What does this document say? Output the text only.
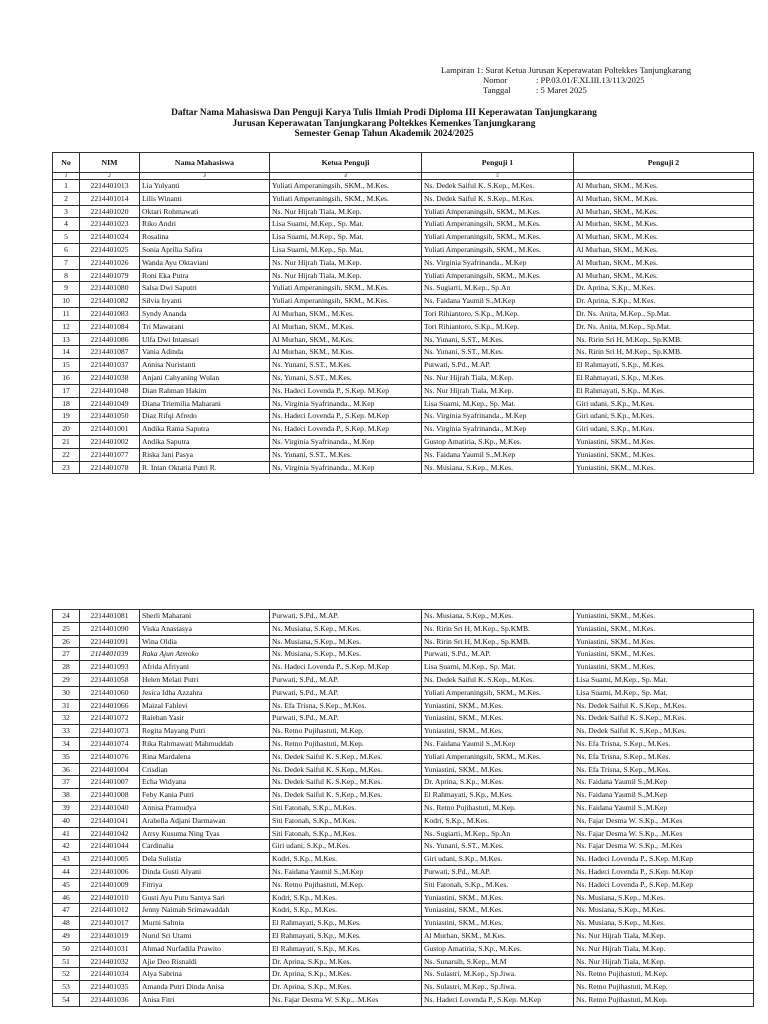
Lampiran 1: Surat Ketua Jurusan Keperawatan Poltekkes Tanjungkarang
Nomor	: PP.03.01/F.XLIII.13/113/2025
Tanggal	: 5 Maret 2025
Daftar Nama Mahasiswa Dan Penguji Karya Tulis Ilmiah Prodi Diploma III Keperawatan Tanjungkarang
Jurusan Keperawatan Tanjungkarang Poltekkes Kemenkes Tanjungkarang
Semester Genap Tahun Akademik 2024/2025
No	NIM	Nama Mahasiswa	Ketua Penguji	Penguji 1	Penguji 2
1	2	3	4	5	
1	2214401013	Lia Yulyanti	Yuliati Amperaningsih, SKM., M.Kes.	Ns. Dedek Saiful K. S.Kep., M.Kes.	Al Murhan, SKM., M.Kes.
2	2214401014	Lilis Winanti	Yuliati Amperaningsih, SKM., M.Kes.	Ns. Dedek Saiful K. S.Kep., M.Kes.	Al Murhan, SKM., M.Kes.
3	2214401020	Oktari Rohmawati	Ns. Nur Hijrah Tiala, M.Kep.	Yuliati Amperaningsih, SKM., M.Kes.	Al Murhan, SKM., M.Kes.
4	2214401023	Riko Andri	Lisa Suarni, M.Kep., Sp. Mat.	Yuliati Amperaningsih, SKM., M.Kes.	Al Murhan, SKM., M.Kes.
5	2214401024	Rosalina	Lisa Suarni, M.Kep., Sp. Mat.	Yuliati Amperaningsih, SKM., M.Kes.	Al Murhan, SKM., M.Kes.
6	2214401025	Sonia Aprilia Safira	Lisa Suarni, M.Kep., Sp. Mat.	Yuliati Amperaningsih, SKM., M.Kes.	Al Murhan, SKM., M.Kes.
7	2214401026	Wanda Ayu Oktaviani	Ns. Nur Hijrah Tiala, M.Kep.	Ns. Virginia Syafrinanda., M.Kep	Al Murhan, SKM., M.Kes.
8	2214401079	Roni Eka Putra	Ns. Nur Hijrah Tiala, M.Kep.	Yuliati Amperaningsih, SKM., M.Kes.	Al Murhan, SKM., M.Kes.
9	2214401080	Salsa Dwi Saputri	Yuliati Amperaningsih, SKM., M.Kes.	Ns. Sugiarti, M.Kep., Sp.An	Dr. Aprina, S.Kp., M.Kes.
10	2214401082	Silvia Iryanti	Yuliati Amperaningsih, SKM., M.Kes.	Ns. Faidana Yaumil S.,M.Kep	Dr. Aprina, S.Kp., M.Kes.
11	2214401083	Syndy Ananda	Al Murhan, SKM., M.Kes.	Tori Rihiantoro, S.Kp., M.Kep.	Dr. Ns. Anita, M.Kep., Sp.Mat.
12	2214401084	Tri Mawarani	Al Murhan, SKM., M.Kes.	Tori Rihiantoro, S.Kp., M.Kep.	Dr. Ns. Anita, M.Kep., Sp.Mat.
13	2214401086	Ulfa Dwi Intansari	Al Murhan, SKM., M.Kes.	Ns. Yunani, S.ST., M.Kes.	Ns. Ririn Sri H, M.Kep., Sp.KMB.
14	2214401087	Vania Adinda	Al Murhan, SKM., M.Kes.	Ns. Yunani, S.ST., M.Kes.	Ns. Ririn Sri H, M.Kep., Sp.KMB.
15	2214401037	Annisa Nuristanti	Ns. Yunani, S.ST., M.Kes.	Purwati, S.Pd., M.AP.	El Rahmayati, S.Kp., M.Kes.
16	2214401038	Anjani Cahyaning Wulan	Ns. Yunani, S.ST., M.Kes.	Ns. Nur Hijrah Tiala, M.Kep.	El Rahmayati, S.Kp., M.Kes.
17	2214401048	Dian Rahman Hakim	Ns. Hadeci Lovenda P., S.Kep. M.Kep	Ns. Nur Hijrah Tiala, M.Kep.	El Rahmayati, S.Kp., M.Kes.
18	2214401049	Diana Triemilia Maharani	Ns. Virginia Syafrinanda., M.Kep	Lisa Suarni, M.Kep., Sp. Mat.	Giri udani, S.Kp., M.Kes.
19	2214401050	Diaz Rifqi Afredo	Ns. Hadeci Lovenda P., S.Kep. M.Kep	Ns. Virginia Syafrinanda., M.Kep	Giri udani, S.Kp., M.Kes.
20	2214401001	Andika Rama Saputra	Ns. Hadeci Lovenda P., S.Kep. M.Kep	Ns. Virginia Syafrinanda., M.Kep	Giri udani, S.Kp., M.Kes.
21	2214401002	Andika Saputra	Ns. Virginia Syafrinanda., M.Kep	Gustop Amatiria, S.Kp., M.Kes.	Yuniastini, SKM., M.Kes.
22	2214401077	Riska Jani Pasya	Ns. Yunani, S.ST., M.Kes.	Ns. Faidana Yaumil S.,M.Kep	Yuniastini, SKM., M.Kes.
23	2214401078	R. Intan Oktaria Putri R.	Ns. Virginia Syafrinanda., M.Kep	Ns. Musiana, S.Kep., M.Kes.	Yuniastini, SKM., M.Kes.
24	2214401081	Sherli Maharani	Purwati, S.Pd., M.AP.	Ns. Musiana, S.Kep., M.Kes.	Yuniastini, SKM., M.Kes.
25	2214401090	Viska Anastasya	Ns. Musiana, S.Kep., M.Kes.	Ns. Ririn Sri H, M.Kep., Sp.KMB.	Yuniastini, SKM., M.Kes.
26	2214401091	Wina Oldia	Ns. Musiana, S.Kep., M.Kes.	Ns. Ririn Sri H, M.Kep., Sp.KMB.	Yuniastini, SKM., M.Kes.
27	2114401039	Raka Ajun Atmoko	Ns. Musiana, S.Kep., M.Kes.	Purwati, S.Pd., M.AP.	Yuniastini, SKM., M.Kes.
28	2214401093	Afrida Afriyani	Ns. Hadeci Lovenda P., S.Kep. M.Kep	Lisa Suarni, M.Kep., Sp. Mat.	Yuniastini, SKM., M.Kes.
29	2214401058	Helen Melati Putri	Purwati, S.Pd., M.AP.	Ns. Dedek Saiful K. S.Kep., M.Kes.	Lisa Suarni, M.Kep., Sp. Mat.
30	2214401060	Jesica Idha Azzahra	Purwati, S.Pd., M.AP.	Yuliati Amperaningsih, SKM., M.Kes.	Lisa Suarni, M.Kep., Sp. Mat.
31	2214401066	Maizal Fahlevi	Ns. Efa Trisna, S.Kep., M.Kes.	Yuniastini, SKM., M.Kes.	Ns. Dedek Saiful K. S.Kep., M.Kes.
32	2214401072	Raiehan Yasir	Purwati, S.Pd., M.AP.	Yuniastini, SKM., M.Kes.	Ns. Dedek Saiful K. S.Kep., M.Kes.
33	2214401073	Regita Mayang Putri	Ns. Retno Pujihastuti, M.Kep.	Yuniastini, SKM., M.Kes.	Ns. Dedek Saiful K. S.Kep., M.Kes.
34	2214401074	Rika Rahmawati Mahmuddah	Ns. Retno Pujihastuti, M.Kep.	Ns. Faidana Yaumil S.,M.Kep	Ns. Efa Trisna, S.Kep., M.Kes.
35	2214401076	Rina Mardalena	Ns. Dedek Saiful K. S.Kep., M.Kes.	Yuliati Amperaningsih, SKM., M.Kes.	Ns. Efa Trisna, S.Kep., M.Kes.
36	2214401004	Crisdian	Ns. Dedek Saiful K. S.Kep., M.Kes.	Yuniastini, SKM., M.Kes.	Ns. Efa Trisna, S.Kep., M.Kes.
37	2214401007	Echa Widyana	Ns. Dedek Saiful K. S.Kep., M.Kes.	Dr. Aprina, S.Kp., M.Kes.	Ns. Faidana Yaumil S.,M.Kep
38	2214401008	Feby Kania Putri	Ns. Dedek Saiful K. S.Kep., M.Kes.	El Rahmayati, S.Kp., M.Kes.	Ns. Faidana Yaumil S.,M.Kep
39	2214401040	Annisa Pramudya	Siti Fatonah, S.Kp., M.Kes.	Ns. Retno Pujihastuti, M.Kep.	Ns. Faidana Yaumil S.,M.Kep
40	2214401041	Arabella Adjani Darmawan	Siti Fatonah, S.Kp., M.Kes.	Kodri, S.Kp., M.Kes.	Ns. Fajar Desma W. S.Kp., .M.Kes
41	2214401042	Arrsy Kusuma Ning Tyas	Siti Fatonah, S.Kp., M.Kes.	Ns. Sugiarti, M.Kep., Sp.An	Ns. Fajar Desma W. S.Kp., .M.Kes
42	2214401044	Cardinalia	Giri udani, S.Kp., M.Kes.	Ns. Yunani, S.ST., M.Kes.	Ns. Fajar Desma W. S.Kp., .M.Kes
43	2214401005	Dela Sulistia	Kodri, S.Kp., M.Kes.	Giri udani, S.Kp., M.Kes.	Ns. Hadeci Lovenda P., S.Kep. M.Kep
44	2214401006	Dinda Gusti Alyani	Ns. Faidana Yaumil S.,M.Kep	Purwati, S.Pd., M.AP.	Ns. Hadeci Lovenda P., S.Kep. M.Kep
45	2214401009	Fitriya	Ns. Retno Pujihastuti, M.Kep.	Siti Fatonah, S.Kp., M.Kes.	Ns. Hadeci Lovenda P., S.Kep. M.Kep
46	2214401010	Gusti Ayu Putu Santya Sari	Kodri, S.Kp., M.Kes.	Yuniastini, SKM., M.Kes.	Ns. Musiana, S.Kep., M.Kes.
47	2214401012	Jenny Naimah Srimawaddah	Kodri, S.Kp., M.Kes.	Yuniastini, SKM., M.Kes.	Ns. Musiana, S.Kep., M.Kes.
48	2214401017	Murni Salmia	El Rahmayati, S.Kp., M.Kes.	Yuniastini, SKM., M.Kes.	Ns. Musiana, S.Kep., M.Kes.
49	2214401019	Nurul Sri Utami	El Rahmayati, S.Kp., M.Kes.	Al Murhan, SKM., M.Kes.	Ns. Nur Hijrah Tiala, M.Kep.
50	2214401031	Ahmad Nurfadila Prawito	El Rahmayati, S.Kp., M.Kes.	Gustop Amatiria, S.Kp., M.Kes.	Ns. Nur Hijrah Tiala, M.Kep.
51	2214401032	Ajie Deo Risnaldi	Dr. Aprina, S.Kp., M.Kes.	Ns. Sunarsih, S.Kep., M.M	Ns. Nur Hijrah Tiala, M.Kep.
52	2214401034	Alya Sabrina	Dr. Aprina, S.Kp., M.Kes.	Ns. Sulastri, M.Kep., Sp.Jiwa.	Ns. Retno Pujihastuti, M.Kep.
53	2214401035	Amanda Putri Dinda Anisa	Dr. Aprina, S.Kp., M.Kes.	Ns. Sulastri, M.Kep., Sp.Jiwa.	Ns. Retno Pujihastuti, M.Kep.
54	2214401036	Anisa Fitri	Ns. Fajar Desma W. S.Kp., .M.Kes	Ns. Hadeci Lovenda P., S.Kep. M.Kep	Ns. Retno Pujihastuti, M.Kep.
